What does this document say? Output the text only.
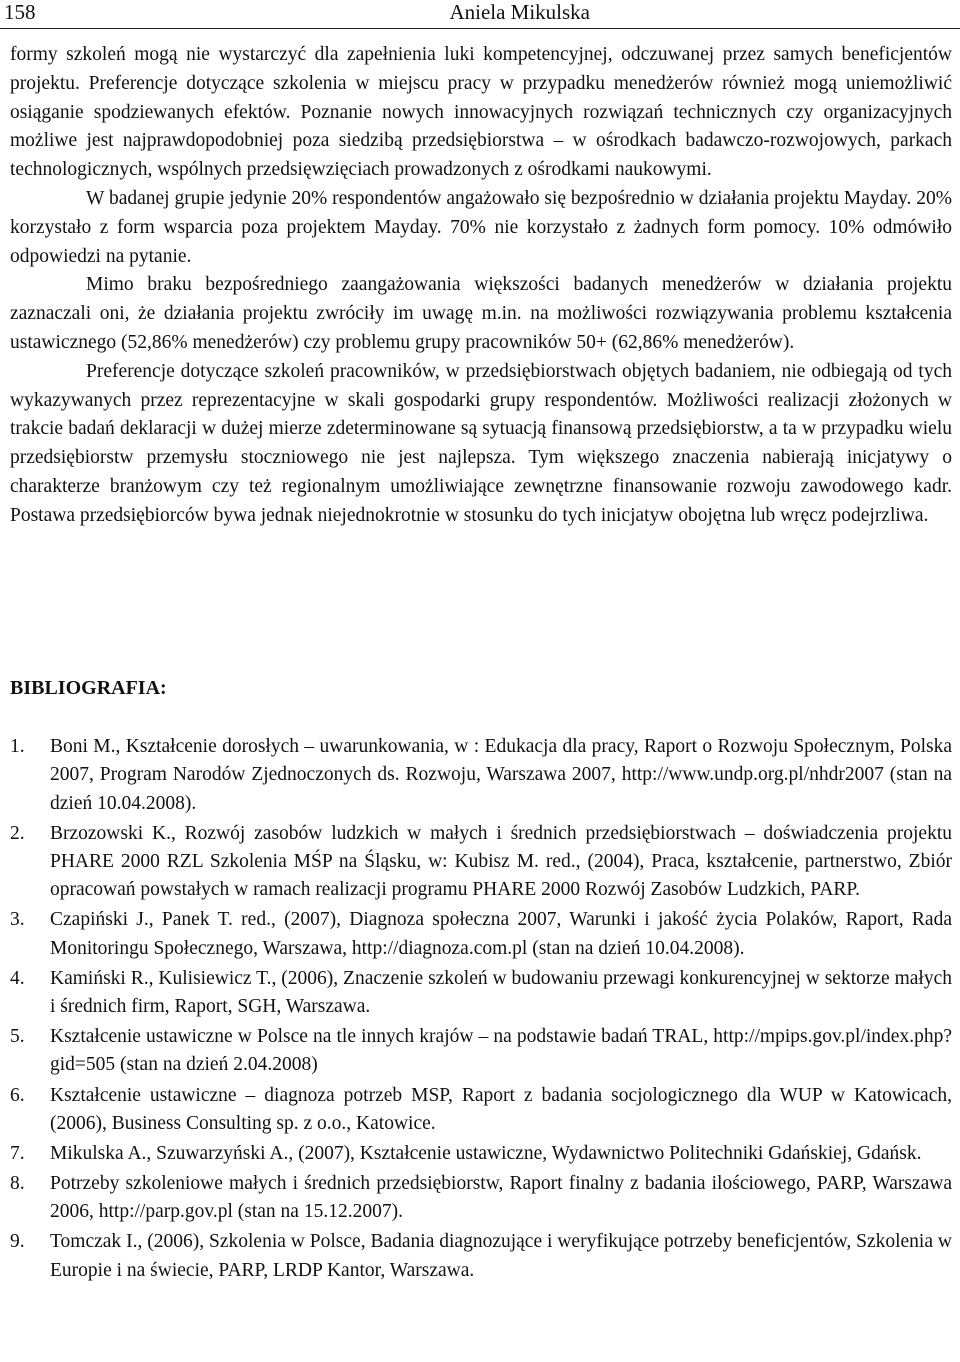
158	Aniela Mikulska

formy szkoleń mogą nie wystarczyć dla zapełnienia luki kompetencyjnej, odczuwanej przez samych beneficjentów projektu. Preferencje dotyczące szkolenia w miejscu pracy w przypadku menedżerów również mogą uniemożliwić osiąganie spodziewanych efektów. Poznanie nowych innowacyjnych rozwiązań technicznych czy organizacyjnych możliwe jest najprawdopodobniej poza siedzibą przedsiębiorstwa – w ośrodkach badawczo-rozwojowych, parkach technologicznych, wspólnych przedsięwzięciach prowadzonych z ośrodkami naukowymi.

W badanej grupie jedynie 20% respondentów angażowało się bezpośrednio w działania projektu Mayday. 20% korzystało z form wsparcia poza projektem Mayday. 70% nie korzystało z żadnych form pomocy. 10% odmówiło odpowiedzi na pytanie.

Mimo braku bezpośredniego zaangażowania większości badanych menedżerów w działania projektu zaznaczali oni, że działania projektu zwróciły im uwagę m.in. na możliwości rozwiązywania problemu kształcenia ustawicznego (52,86% menedżerów) czy problemu grupy pracowników 50+ (62,86% menedżerów).

Preferencje dotyczące szkoleń pracowników, w przedsiębiorstwach objętych badaniem, nie odbiegają od tych wykazywanych przez reprezentacyjne w skali gospodarki grupy respondentów. Możliwości realizacji złożonych w trakcie badań deklaracji w dużej mierze zdeterminowane są sytuacją finansową przedsiębiorstw, a ta w przypadku wielu przedsiębiorstw przemysłu stoczniowego nie jest najlepsza. Tym większego znaczenia nabierają inicjatywy o charakterze branżowym czy też regionalnym umożliwiające zewnętrzne finansowanie rozwoju zawodowego kadr. Postawa przedsiębiorców bywa jednak niejednokrotnie w stosunku do tych inicjatyw obojętna lub wręcz podejrzliwa.

BIBLIOGRAFIA:
1. Boni M., Kształcenie dorosłych – uwarunkowania, w : Edukacja dla pracy, Raport o Rozwoju Społecznym, Polska 2007, Program Narodów Zjednoczonych ds. Rozwoju, Warszawa 2007, http://www.undp.org.pl/nhdr2007 (stan na dzień 10.04.2008).
2. Brzozowski K., Rozwój zasobów ludzkich w małych i średnich przedsiębiorstwach – doświadczenia projektu PHARE 2000 RZL Szkolenia MŚP na Śląsku, w: Kubisz M. red., (2004), Praca, kształcenie, partnerstwo, Zbiór opracowań powstałych w ramach realizacji programu PHARE 2000 Rozwój Zasobów Ludzkich, PARP.
3. Czapiński J., Panek T. red., (2007), Diagnoza społeczna 2007, Warunki i jakość życia Polaków, Raport, Rada Monitoringu Społecznego, Warszawa, http://diagnoza.com.pl (stan na dzień 10.04.2008).
4. Kamiński R., Kulisiewicz T., (2006), Znaczenie szkoleń w budowaniu przewagi konkurencyjnej w sektorze małych i średnich firm, Raport, SGH, Warszawa.
5. Kształcenie ustawiczne w Polsce na tle innych krajów – na podstawie badań TRAL, http://mpips.gov.pl/index.php?gid=505 (stan na dzień 2.04.2008)
6. Kształcenie ustawiczne – diagnoza potrzeb MSP, Raport z badania socjologicznego dla WUP w Katowicach, (2006), Business Consulting sp. z o.o., Katowice.
7. Mikulska A., Szuwarzyński A., (2007), Kształcenie ustawiczne, Wydawnictwo Politechniki Gdańskiej, Gdańsk.
8. Potrzeby szkoleniowe małych i średnich przedsiębiorstw, Raport finalny z badania ilościowego, PARP, Warszawa 2006, http://parp.gov.pl (stan na 15.12.2007).
9. Tomczak I., (2006), Szkolenia w Polsce, Badania diagnozujące i weryfikujące potrzeby beneficjentów, Szkolenia w Europie i na świecie, PARP, LRDP Kantor, Warszawa.
